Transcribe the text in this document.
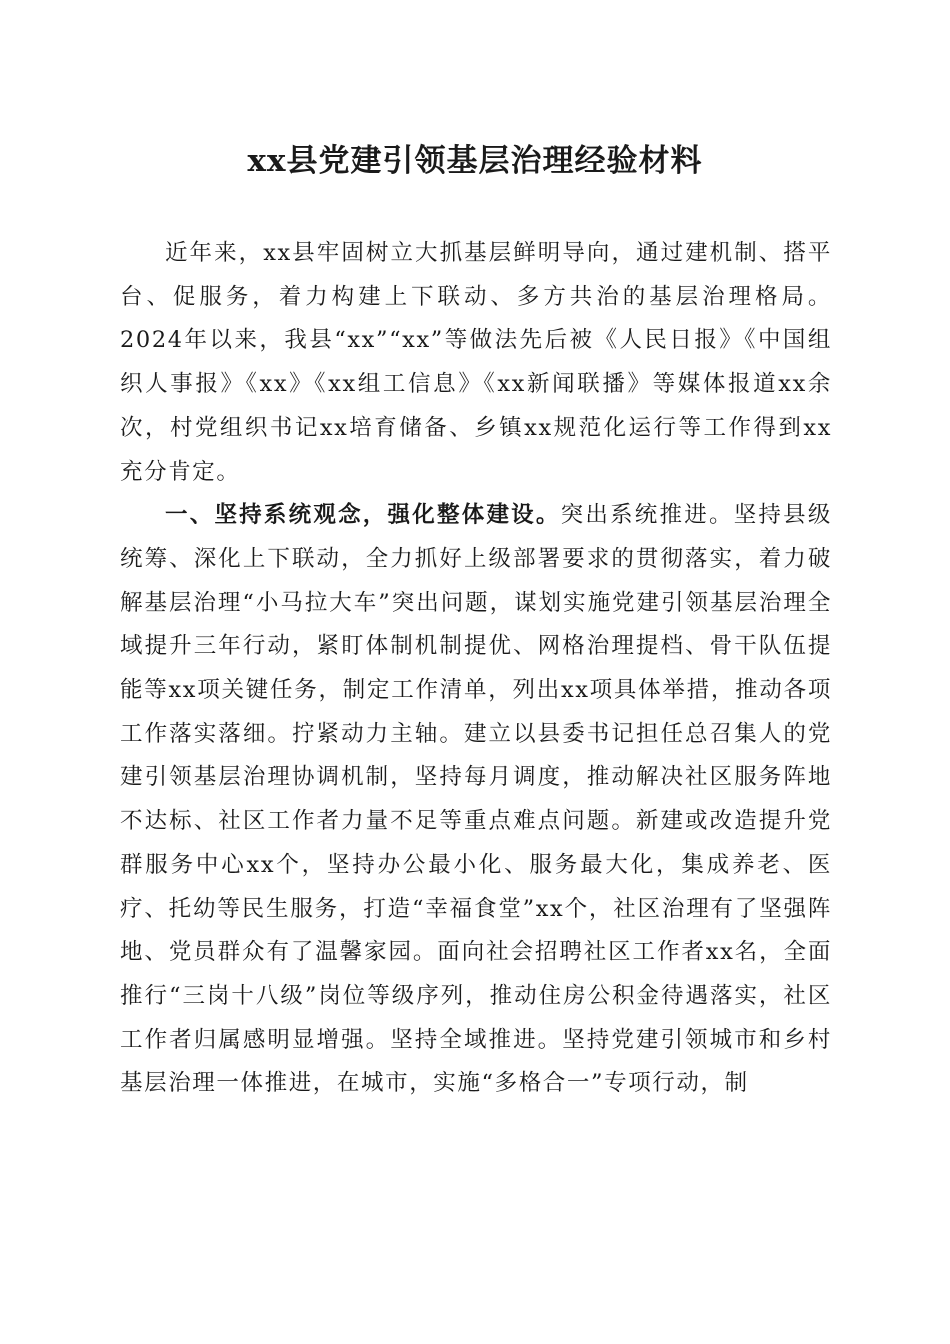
xx县党建引领基层治理经验材料

近年来，xx县牢固树立大抓基层鲜明导向，通过建机制、搭平台、促服务，着力构建上下联动、多方共治的基层治理格局。2024年以来，我县“xx”“xx”等做法先后被《人民日报》《中国组织人事报》《xx》《xx组工信息》《xx新闻联播》等媒体报道xx余次，村党组织书记xx培育储备、乡镇xx规范化运行等工作得到xx充分肯定。

一、坚持系统观念，强化整体建设。突出系统推进。坚持县级统筹、深化上下联动，全力抓好上级部署要求的贯彻落实，着力破解基层治理“小马拉大车”突出问题，谋划实施党建引领基层治理全域提升三年行动，紧盯体制机制提优、网格治理提档、骨干队伍提能等xx项关键任务，制定工作清单，列出xx项具体举措，推动各项工作落实落细。拧紧动力主轴。建立以县委书记担任总召集人的党建引领基层治理协调机制，坚持每月调度，推动解决社区服务阵地不达标、社区工作者力量不足等重点难点问题。新建或改造提升党群服务中心xx个，坚持办公最小化、服务最大化，集成养老、医疗、托幼等民生服务，打造“幸福食堂”xx个，社区治理有了坚强阵地、党员群众有了温馨家园。面向社会招聘社区工作者xx名，全面推行“三岗十八级”岗位等级序列，推动住房公积金待遇落实，社区工作者归属感明显增强。坚持全域推进。坚持党建引领城市和乡村基层治理一体推进，在城市，实施“多格合一”专项行动，制
